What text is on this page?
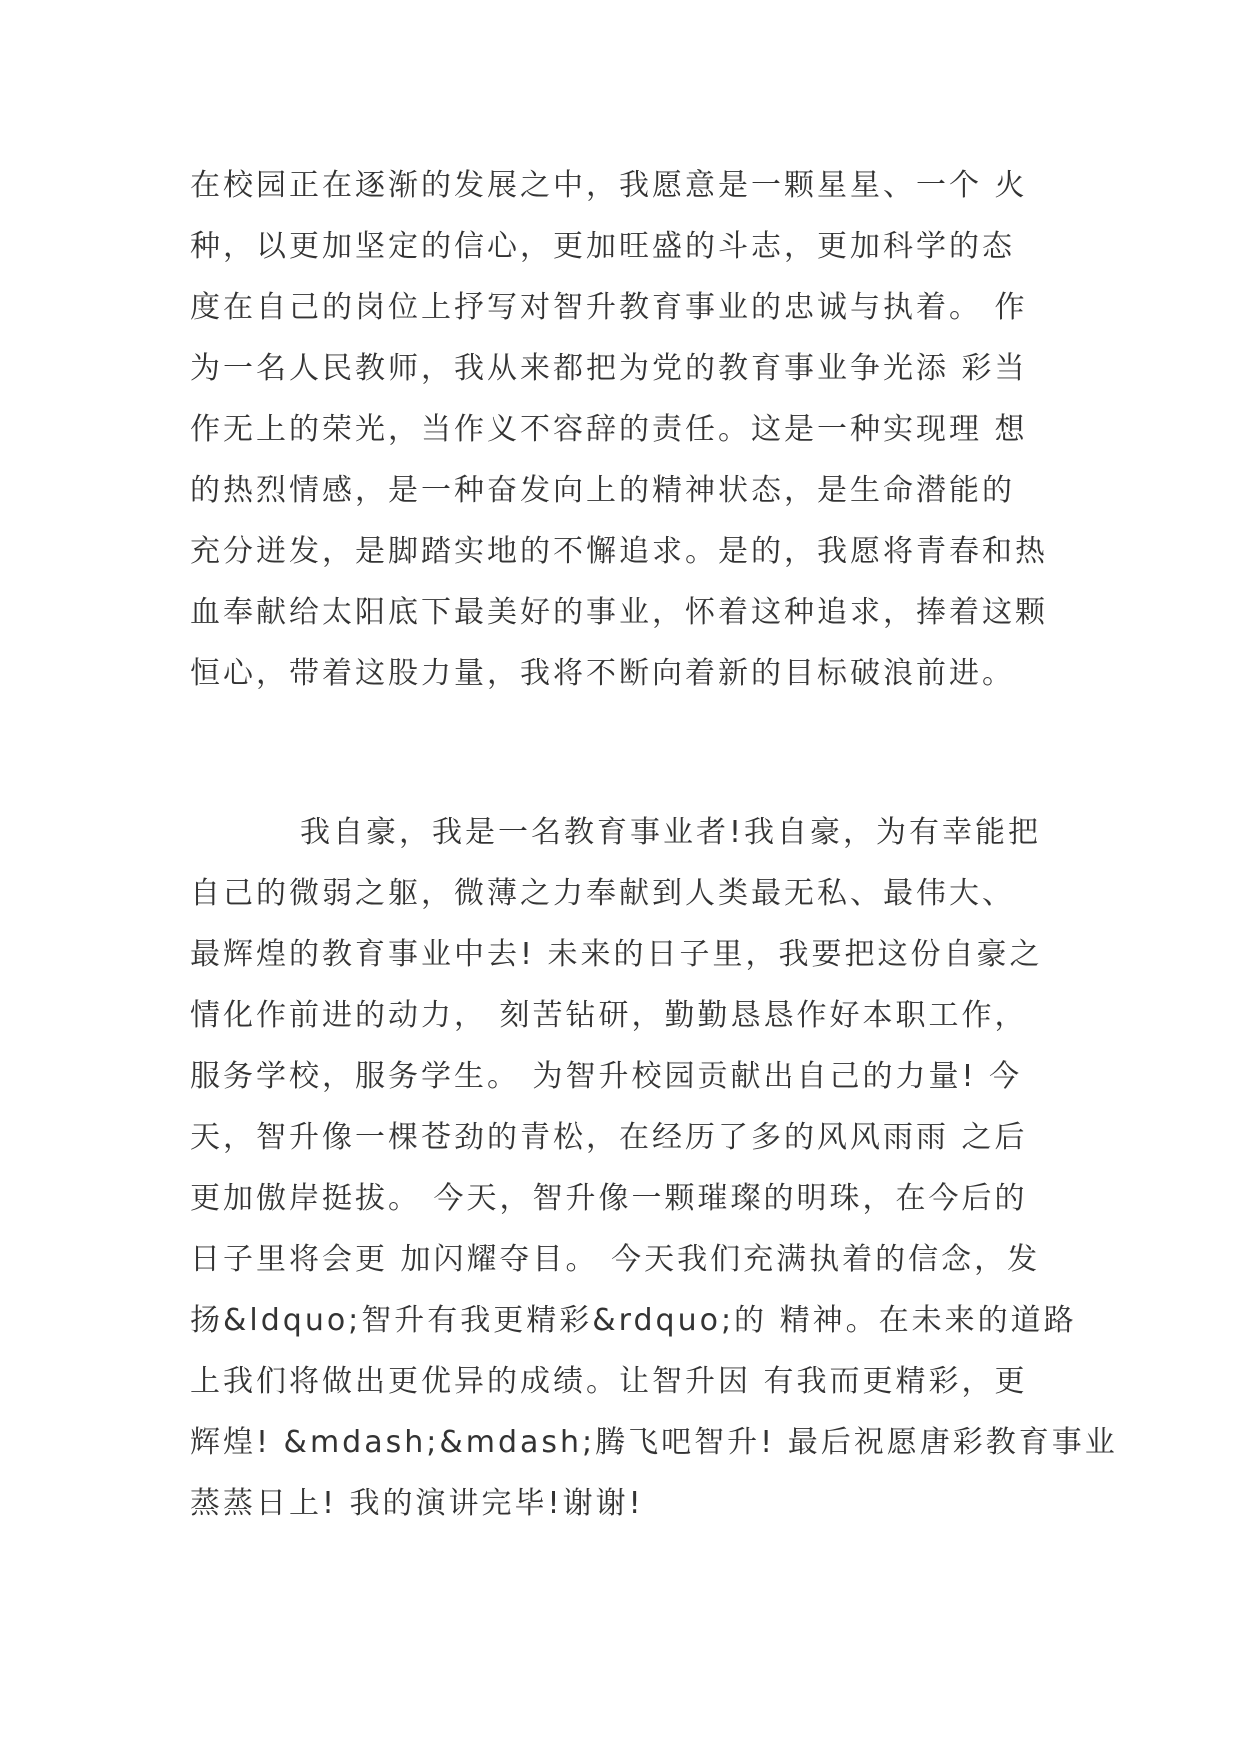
在校园正在逐渐的发展之中，我愿意是一颗星星、一个 火
种，以更加坚定的信心，更加旺盛的斗志，更加科学的态
度在自己的岗位上抒写对智升教育事业的忠诚与执着。 作
为一名人民教师，我从来都把为党的教育事业争光添 彩当
作无上的荣光，当作义不容辞的责任。这是一种实现理 想
的热烈情感，是一种奋发向上的精神状态，是生命潜能的
充分迸发，是脚踏实地的不懈追求。是的，我愿将青春和热
血奉献给太阳底下最美好的事业，怀着这种追求，捧着这颗
恒心，带着这股力量，我将不断向着新的目标破浪前进。
我自豪，我是一名教育事业者!我自豪，为有幸能把
自己的微弱之躯，微薄之力奉献到人类最无私、最伟大、
最辉煌的教育事业中去! 未来的日子里，我要把这份自豪之
情化作前进的动力， 刻苦钻研，勤勤恳恳作好本职工作，
服务学校，服务学生。 为智升校园贡献出自己的力量! 今
天，智升像一棵苍劲的青松，在经历了多的风风雨雨 之后
更加傲岸挺拔。 今天，智升像一颗璀璨的明珠，在今后的
日子里将会更 加闪耀夺目。 今天我们充满执着的信念，发
扬&ldquo;智升有我更精彩&rdquo;的 精神。在未来的道路
上我们将做出更优异的成绩。让智升因 有我而更精彩，更
辉煌! &mdash;&mdash;腾飞吧智升! 最后祝愿唐彩教育事业
蒸蒸日上! 我的演讲完毕!谢谢!
